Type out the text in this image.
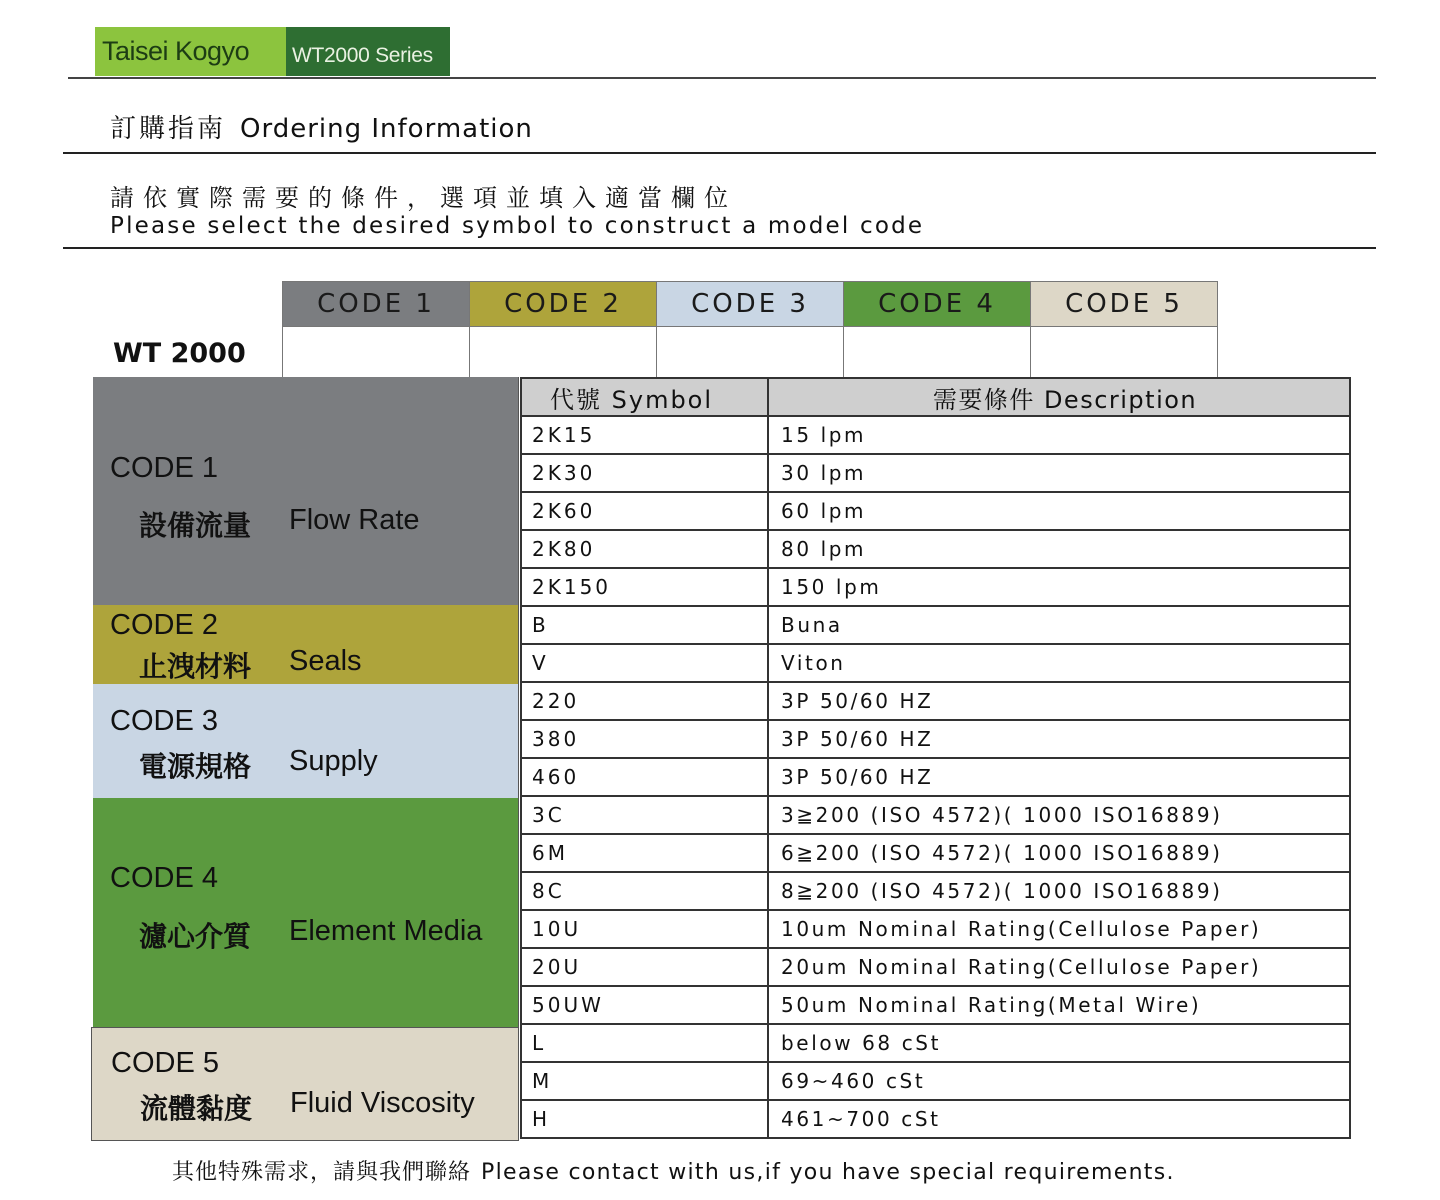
Taisei Kogyo WT2000 Series
訂購指南 Ordering Information
請依實際需要的條件，選項並填入適當欄位
Please select the desired symbol to construct a model code
CODE 1	CODE 2	CODE 3	CODE 4	CODE 5
WT 2000
CODE 1
設備流量 Flow Rate
CODE 2
止洩材料 Seals
CODE 3
電源規格 Supply
CODE 4
濾心介質 Element Media
CODE 5
流體黏度 Fluid Viscosity
代號 Symbol	需要條件 Description
2K15	15 lpm
2K30	30 lpm
2K60	60 lpm
2K80	80 lpm
2K150	150 lpm
B	Buna
V	Viton
220	3P 50/60 HZ
380	3P 50/60 HZ
460	3P 50/60 HZ
3C	3≧200 (ISO 4572)( 1000 ISO16889)
6M	6≧200 (ISO 4572)( 1000 ISO16889)
8C	8≧200 (ISO 4572)( 1000 ISO16889)
10U	10um Nominal Rating(Cellulose Paper)
20U	20um Nominal Rating(Cellulose Paper)
50UW	50um Nominal Rating(Metal Wire)
L	below 68 cSt
M	69~460 cSt
H	461~700 cSt
其他特殊需求，請與我們聯絡 Please contact with us,if you have special requirements.
